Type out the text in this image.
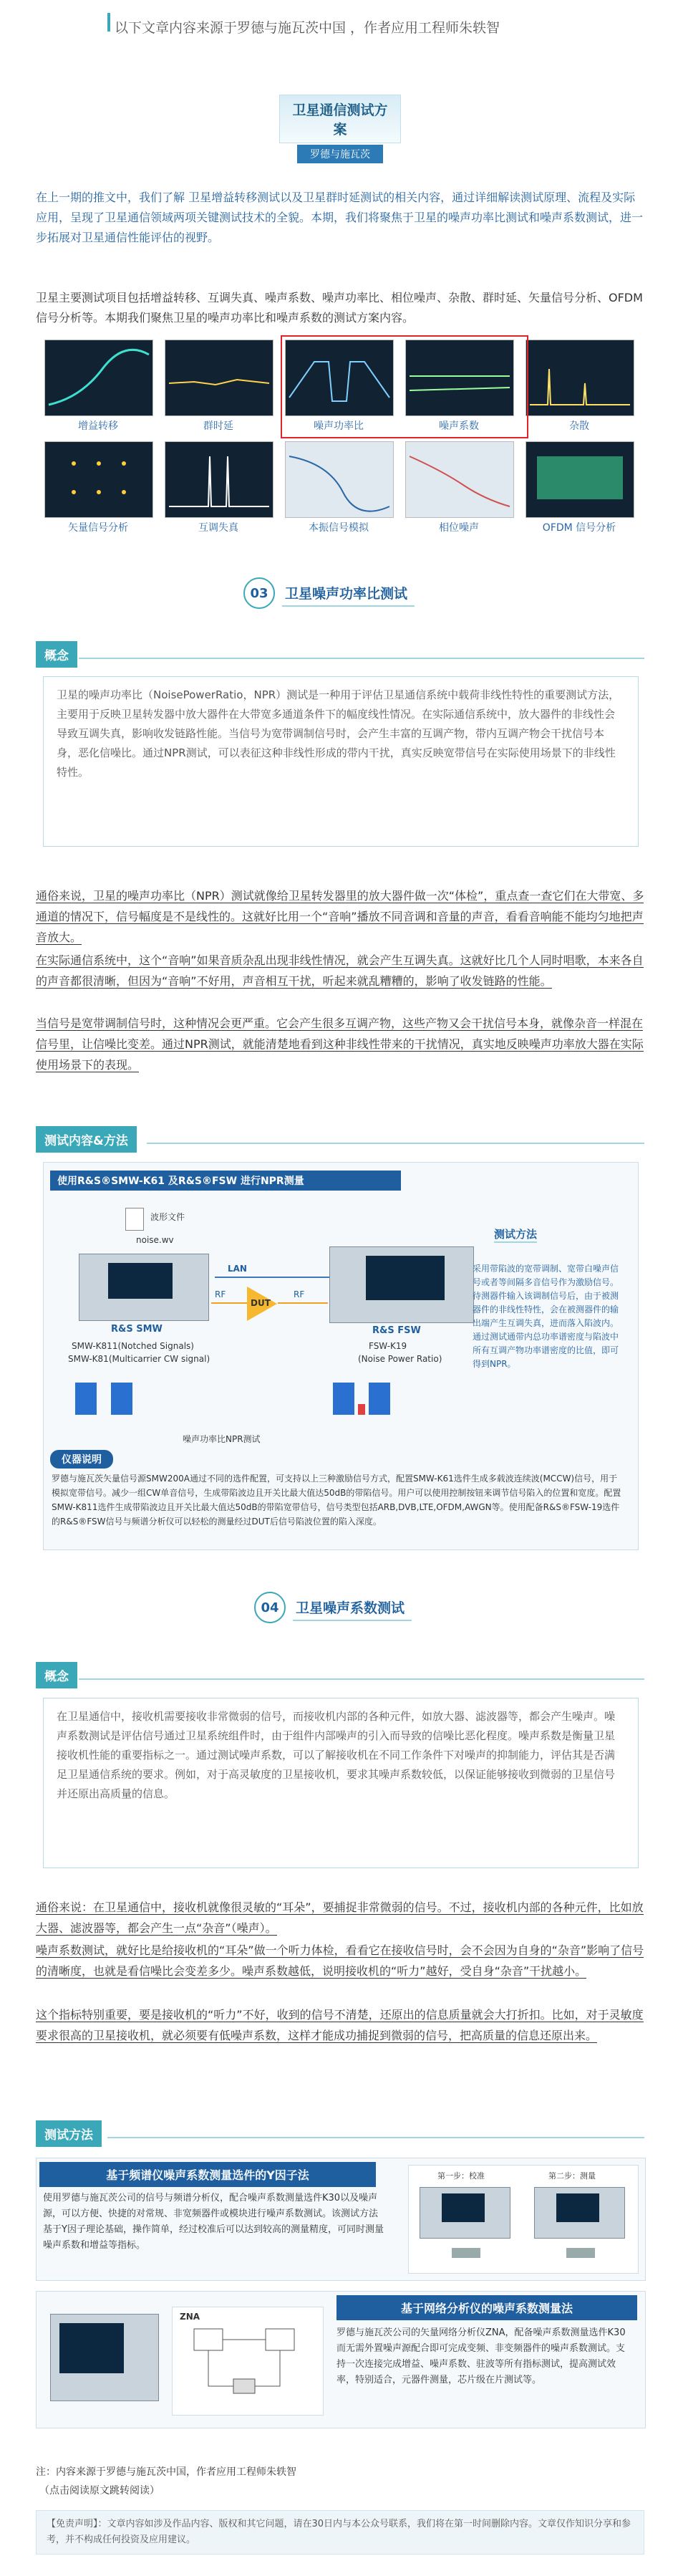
以下文章内容来源于罗德与施瓦茨中国 ，作者应用工程师朱轶智
卫星通信测试方案
罗德与施瓦茨
在上一期的推文中，我们了解 卫星增益转移测试以及卫星群时延测试的相关内容，通过详细解读测试原理、流程及实际应用，呈现了卫星通信领域两项关键测试技术的全貌。本期，我们将聚焦于卫星的噪声功率比测试和噪声系数测试，进一步拓展对卫星通信性能评估的视野。
卫星主要测试项目包括增益转移、互调失真、噪声系数、噪声功率比、相位噪声、杂散、群时延、矢量信号分析、OFDM信号分析等。本期我们聚焦卫星的噪声功率比和噪声系数的测试方案内容。
增益转移	群时延	噪声功率比	噪声系数	杂散
矢量信号分析	互调失真	本振信号模拟	相位噪声	OFDM 信号分析
03	卫星噪声功率比测试
概念
卫星的噪声功率比（NoisePowerRatio，NPR）测试是一种用于评估卫星通信系统中载荷非线性特性的重要测试方法，主要用于反映卫星转发器中放大器件在大带宽多通道条件下的幅度线性情况。在实际通信系统中，放大器件的非线性会导致互调失真，影响收发链路性能。当信号为宽带调制信号时，会产生丰富的互调产物，带内互调产物会干扰信号本身，恶化信噪比。通过NPR测试，可以表征这种非线性形成的带内干扰，真实反映宽带信号在实际使用场景下的非线性特性。
通俗来说，卫星的噪声功率比（NPR）测试就像给卫星转发器里的放大器件做一次“体检”，重点查一查它们在大带宽、多通道的情况下，信号幅度是不是线性的。这就好比用一个“音响”播放不同音调和音量的声音，看看音响能不能均匀地把声音放大。
在实际通信系统中，这个“音响”如果音质杂乱出现非线性情况，就会产生互调失真。这就好比几个人同时唱歌，本来各自的声音都很清晰，但因为“音响”不好用，声音相互干扰，听起来就乱糟糟的，影响了收发链路的性能。
当信号是宽带调制信号时，这种情况会更严重。它会产生很多互调产物，这些产物又会干扰信号本身，就像杂音一样混在信号里，让信噪比变差。通过NPR测试，就能清楚地看到这种非线性带来的干扰情况，真实地反映噪声功率放大器在实际使用场景下的表现。
测试内容&方法
使用R&S®SMW-K61 及R&S®FSW 进行NPR测量
波形文件
noise.wv
R&S SMW
SMW-K811(Notched Signals)
SMW-K81(Multicarrier CW signal)
LAN
RF
DUT
RF
R&S FSW
FSW-K19
(Noise Power Ratio)
噪声功率比NPR测试
测试方法
采用带陷波的宽带调制、宽带白噪声信号或者等间隔多音信号作为激励信号。待测器件输入该调制信号后，由于被测器件的非线性特性，会在被测器件的输出端产生互调失真，进而落入陷波内。通过测试通带内总功率谱密度与陷波中所有互调产物功率谱密度的比值，即可得到NPR。
仪器说明
罗德与施瓦茨矢量信号源SMW200A通过不同的选件配置，可支持以上三种激励信号方式，配置SMW-K61选件生成多载波连续波(MCCW)信号，用于模拟宽带信号。减少一组CW单音信号，生成带陷波边且开关比最大值达50dB的带陷信号。用户可以使用控制按钮来调节信号陷入的位置和宽度。配置SMW-K811选件生成带陷波边且开关比最大值达50dB的带陷宽带信号，信号类型包括ARB,DVB,LTE,OFDM,AWGN等。使用配备R&S®FSW-19选件的R&S®FSW信号与频谱分析仪可以轻松的测量经过DUT后信号陷波位置的陷入深度。
04	卫星噪声系数测试
概念
在卫星通信中，接收机需要接收非常微弱的信号，而接收机内部的各种元件，如放大器、滤波器等，都会产生噪声。噪声系数测试是评估信号通过卫星系统组件时，由于组件内部噪声的引入而导致的信噪比恶化程度。噪声系数是衡量卫星接收机性能的重要指标之一。通过测试噪声系数，可以了解接收机在不同工作条件下对噪声的抑制能力，评估其是否满足卫星通信系统的要求。例如，对于高灵敏度的卫星接收机，要求其噪声系数较低，以保证能够接收到微弱的卫星信号并还原出高质量的信息。
通俗来说：在卫星通信中，接收机就像很灵敏的“耳朵”，要捕捉非常微弱的信号。不过，接收机内部的各种元件，比如放大器、滤波器等，都会产生一点“杂音”（噪声）。
噪声系数测试，就好比是给接收机的“耳朵”做一个听力体检，看看它在接收信号时，会不会因为自身的“杂音”影响了信号的清晰度，也就是看信噪比会变差多少。噪声系数越低，说明接收机的“听力”越好，受自身“杂音”干扰越小。
这个指标特别重要，要是接收机的“听力”不好，收到的信号不清楚，还原出的信息质量就会大打折扣。比如，对于灵敏度要求很高的卫星接收机，就必须要有低噪声系数，这样才能成功捕捉到微弱的信号，把高质量的信息还原出来。
测试方法
基于频谱仪噪声系数测量选件的Y因子法
使用罗德与施瓦茨公司的信号与频谱分析仪，配合噪声系数测量选件K30以及噪声源，可以方便、快捷的对常规、非宽频器件或模块进行噪声系数测试。该测试方法基于Y因子理论基础，操作简单，经过校准后可以达到较高的测量精度，可同时测量噪声系数和增益等指标。
第一步：校准	第二步：测量
基于网络分析仪的噪声系数测量法
罗德与施瓦茨公司的矢量网络分析仪ZNA，配备噪声系数测量选件K30而无需外置噪声源配合即可完成变频、非变频器件的噪声系数测试。支持一次连接完成增益、噪声系数、驻波等所有指标测试，提高测试效率，特别适合，元器件测量，芯片级在片测试等。
ZNA
注：内容来源于罗德与施瓦茨中国，作者应用工程师朱轶智
（点击阅读原文跳转阅读）
【免责声明】：文章内容如涉及作品内容、版权和其它问题，请在30日内与本公众号联系，我们将在第一时间删除内容。文章仅作知识分享和参考，并不构成任何投资及应用建议。
